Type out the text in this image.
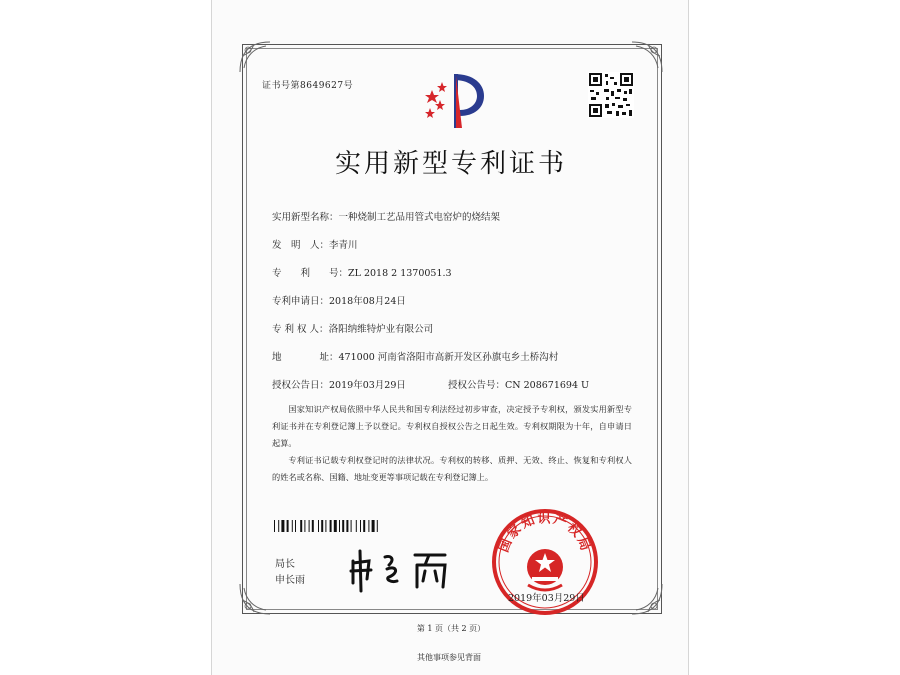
证书号第8649627号
实用新型专利证书
实用新型名称：一种烧制工艺品用管式电窑炉的烧结架
发　明　人：李青川
专　　利　　号：ZL 2018 2 1370051.3
专利申请日：2018年08月24日
专 利 权 人：洛阳纳维特炉业有限公司
地　　　　址：471000 河南省洛阳市高新开发区孙旗屯乡土桥沟村
授权公告日：2019年03月29日	授权公告号：CN 208671694 U

国家知识产权局依照中华人民共和国专利法经过初步审查，决定授予专利权，颁发实用新型专利证书并在专利登记簿上予以登记。专利权自授权公告之日起生效。专利权期限为十年，自申请日起算。

专利证书记载专利权登记时的法律状况。专利权的转移、质押、无效、终止、恢复和专利权人的姓名或名称、国籍、地址变更等事项记载在专利登记簿上。

局长
申长雨
国家知识产权局
2019年03月29日
第 1 页（共 2 页）
其他事项参见背面
